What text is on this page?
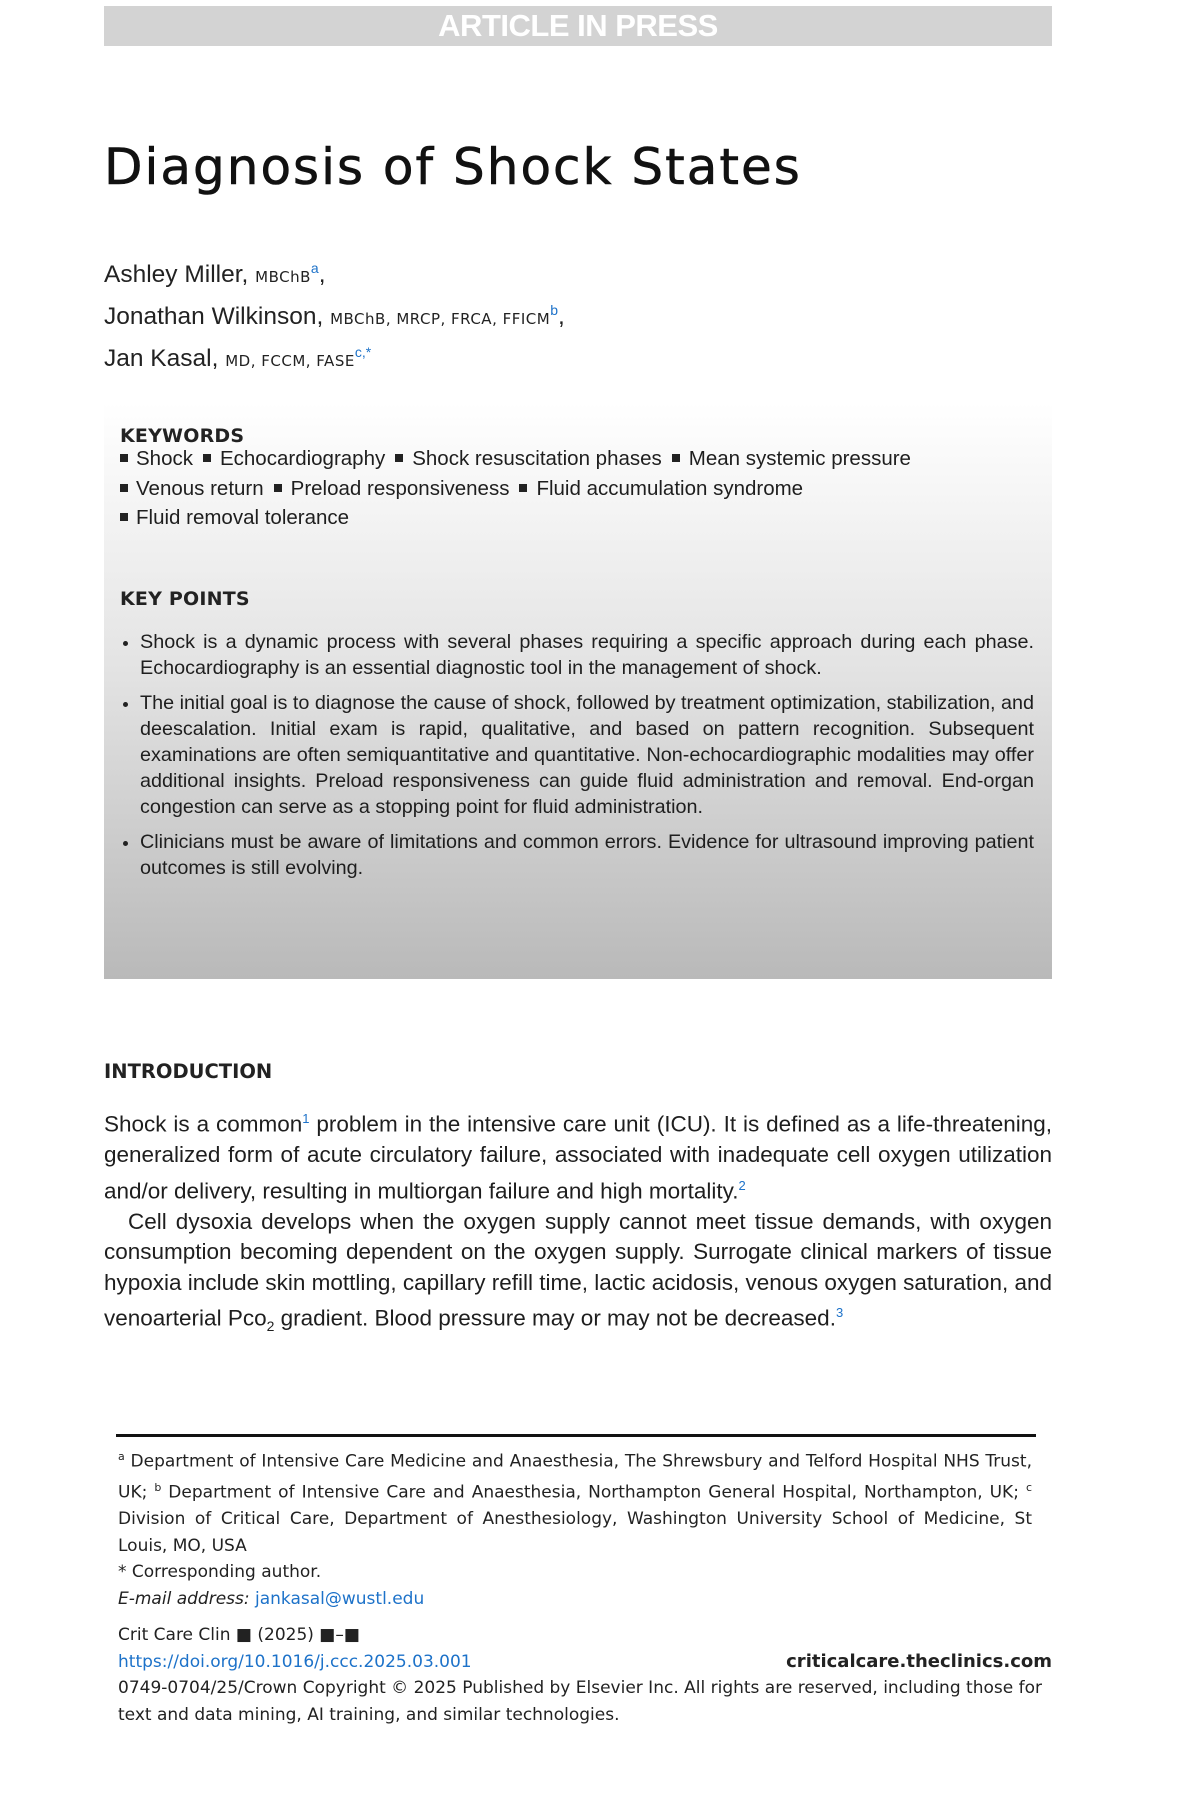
ARTICLE IN PRESS
Diagnosis of Shock States
Ashley Miller, MBChB$^a$,
Jonathan Wilkinson, MBChB, MRCP, FRCA, FFICM$^b$,
Jan Kasal, MD, FCCM, $FASE^{c,*}$
KEYWORDS
Shock Echocardiography Shock resuscitation phases Mean systemic pressure
Venous return Preload responsiveness Fluid accumulation syndrome
Fluid removal tolerance
KEY POINTS
Shock is a dynamic process with several phases requiring a specific approach during each phase. Echocardiography is an essential diagnostic tool in the management of shock.
The initial goal is to diagnose the cause of shock, followed by treatment optimization, stabilization, and deescalation. Initial exam is rapid, qualitative, and based on pattern recognition. Subsequent examinations are often semiquantitative and quantitative. Non-echocardiographic modalities may offer additional insights. Preload responsiveness can guide fluid administration and removal. End-organ congestion can serve as a stopping point for fluid administration.
Clinicians must be aware of limitations and common errors. Evidence for ultrasound improving patient outcomes is still evolving.
INTRODUCTION

Shock is a common$^1$ problem in the intensive care unit (ICU). It is defined as a life-threatening, generalized form of acute circulatory failure, associated with inadequate cell oxygen utilization and/or delivery, resulting in multiorgan failure and high mortality.$^2$

Cell dysoxia develops when the oxygen supply cannot meet tissue demands, with oxygen consumption becoming dependent on the oxygen supply. Surrogate clinical markers of tissue hypoxia include skin mottling, capillary refill time, lactic acidosis, venous oxygen saturation, and venoarterial Pco$_2$ gradient. Blood pressure may or may not be decreased.$^3$

$^a$ Department of Intensive Care Medicine and Anaesthesia, The Shrewsbury and Telford Hospital NHS Trust, UK; $^b$ Department of Intensive Care and Anaesthesia, Northampton General Hospital, Northampton, UK; $^c$ Division of Critical Care, Department of Anesthesiology, Washington University School of Medicine, St Louis, MO, USA

* Corresponding author.

E-mail address: jankasal@wustl.edu

Crit Care Clin ■ (2025) ■–■
https://doi.org/10.1016/j.ccc.2025.03.001	criticalcare.theclinics.com
0749-0704/25/Crown Copyright © 2025 Published by Elsevier Inc. All rights are reserved, including those for text and data mining, AI training, and similar technologies.
